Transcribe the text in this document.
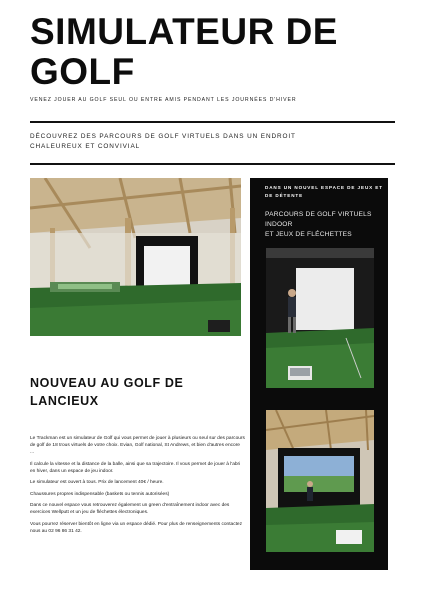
SIMULATEUR DE
GOLF
VENEZ JOUER AU GOLF SEUL OU ENTRE AMIS PENDANT LES JOURNÉES D'HIVER
DÉCOUVREZ DES PARCOURS DE GOLF VIRTUELS DANS UN ENDROIT
CHALEUREUX ET CONVIVIAL
DANS UN NOUVEL ESPACE DE JEUX ET DE DÉTENTE
PARCOURS DE GOLF VIRTUELS
INDOOR
ET JEUX DE FLÉCHETTES
NOUVEAU AU GOLF DE
LANCIEUX

Le Trackman est un simulateur de Golf qui vous permet de jouer à plusieurs ou seul sur des parcours de golf de 18 trous virtuels de votre choix. Evian, Golf national, St Andrews, et bien d'autres encore ...

Il calcule la vitesse et la distance de la balle, ainsi que sa trajectoire. Il vous permet de jouer à l'abri en hiver, dans un espace de jeu indoor.

Le simulateur est ouvert à tous. Prix de lancement 40€ / heure.

Chaussures propres indispensable (baskets ou tennis autorisées)

Dans ce nouvel espace vous retrouverez également un green d'entraînement indoor avec des exercices Wellputt et un jeu de fléchettes électroniques.

Vous pourrez réserver bientôt en ligne via un espace dédié. Pour plus de renseignements contactez nous au 02 96 86 31 42.
